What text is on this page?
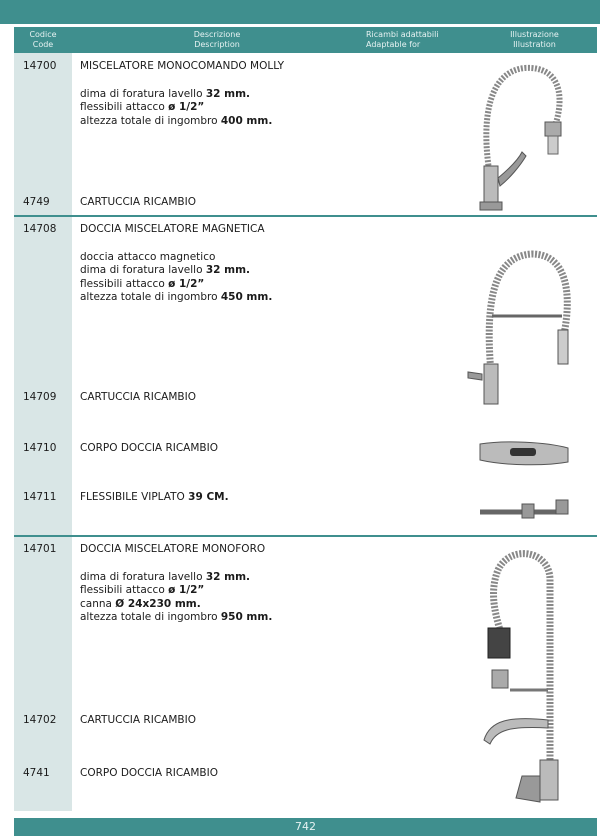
Codice
Code
Descrizione
Description
Ricambi adattabili
Adaptable for
Illustrazione
Illustration
14700 MISCELATORE MONOCOMANDO MOLLY
dima di foratura lavello 32 mm.
flessibili attacco ø 1/2”
altezza totale di ingombro 400 mm.
4749	CARTUCCIA RICAMBIO
14708 DOCCIA MISCELATORE MAGNETICA
doccia attacco magnetico
dima di foratura lavello 32 mm.
flessibili attacco ø 1/2”
altezza totale di ingombro 450 mm.
14709 CARTUCCIA RICAMBIO
14710 CORPO DOCCIA RICAMBIO
14711 FLESSIBILE VIPLATO 39 CM.
14701 DOCCIA MISCELATORE MONOFORO
dima di foratura lavello 32 mm.
flessibili attacco ø 1/2”
canna Ø 24x230 mm.
altezza totale di ingombro 950 mm.
14702 CARTUCCIA RICAMBIO
4741	CORPO DOCCIA RICAMBIO
742
